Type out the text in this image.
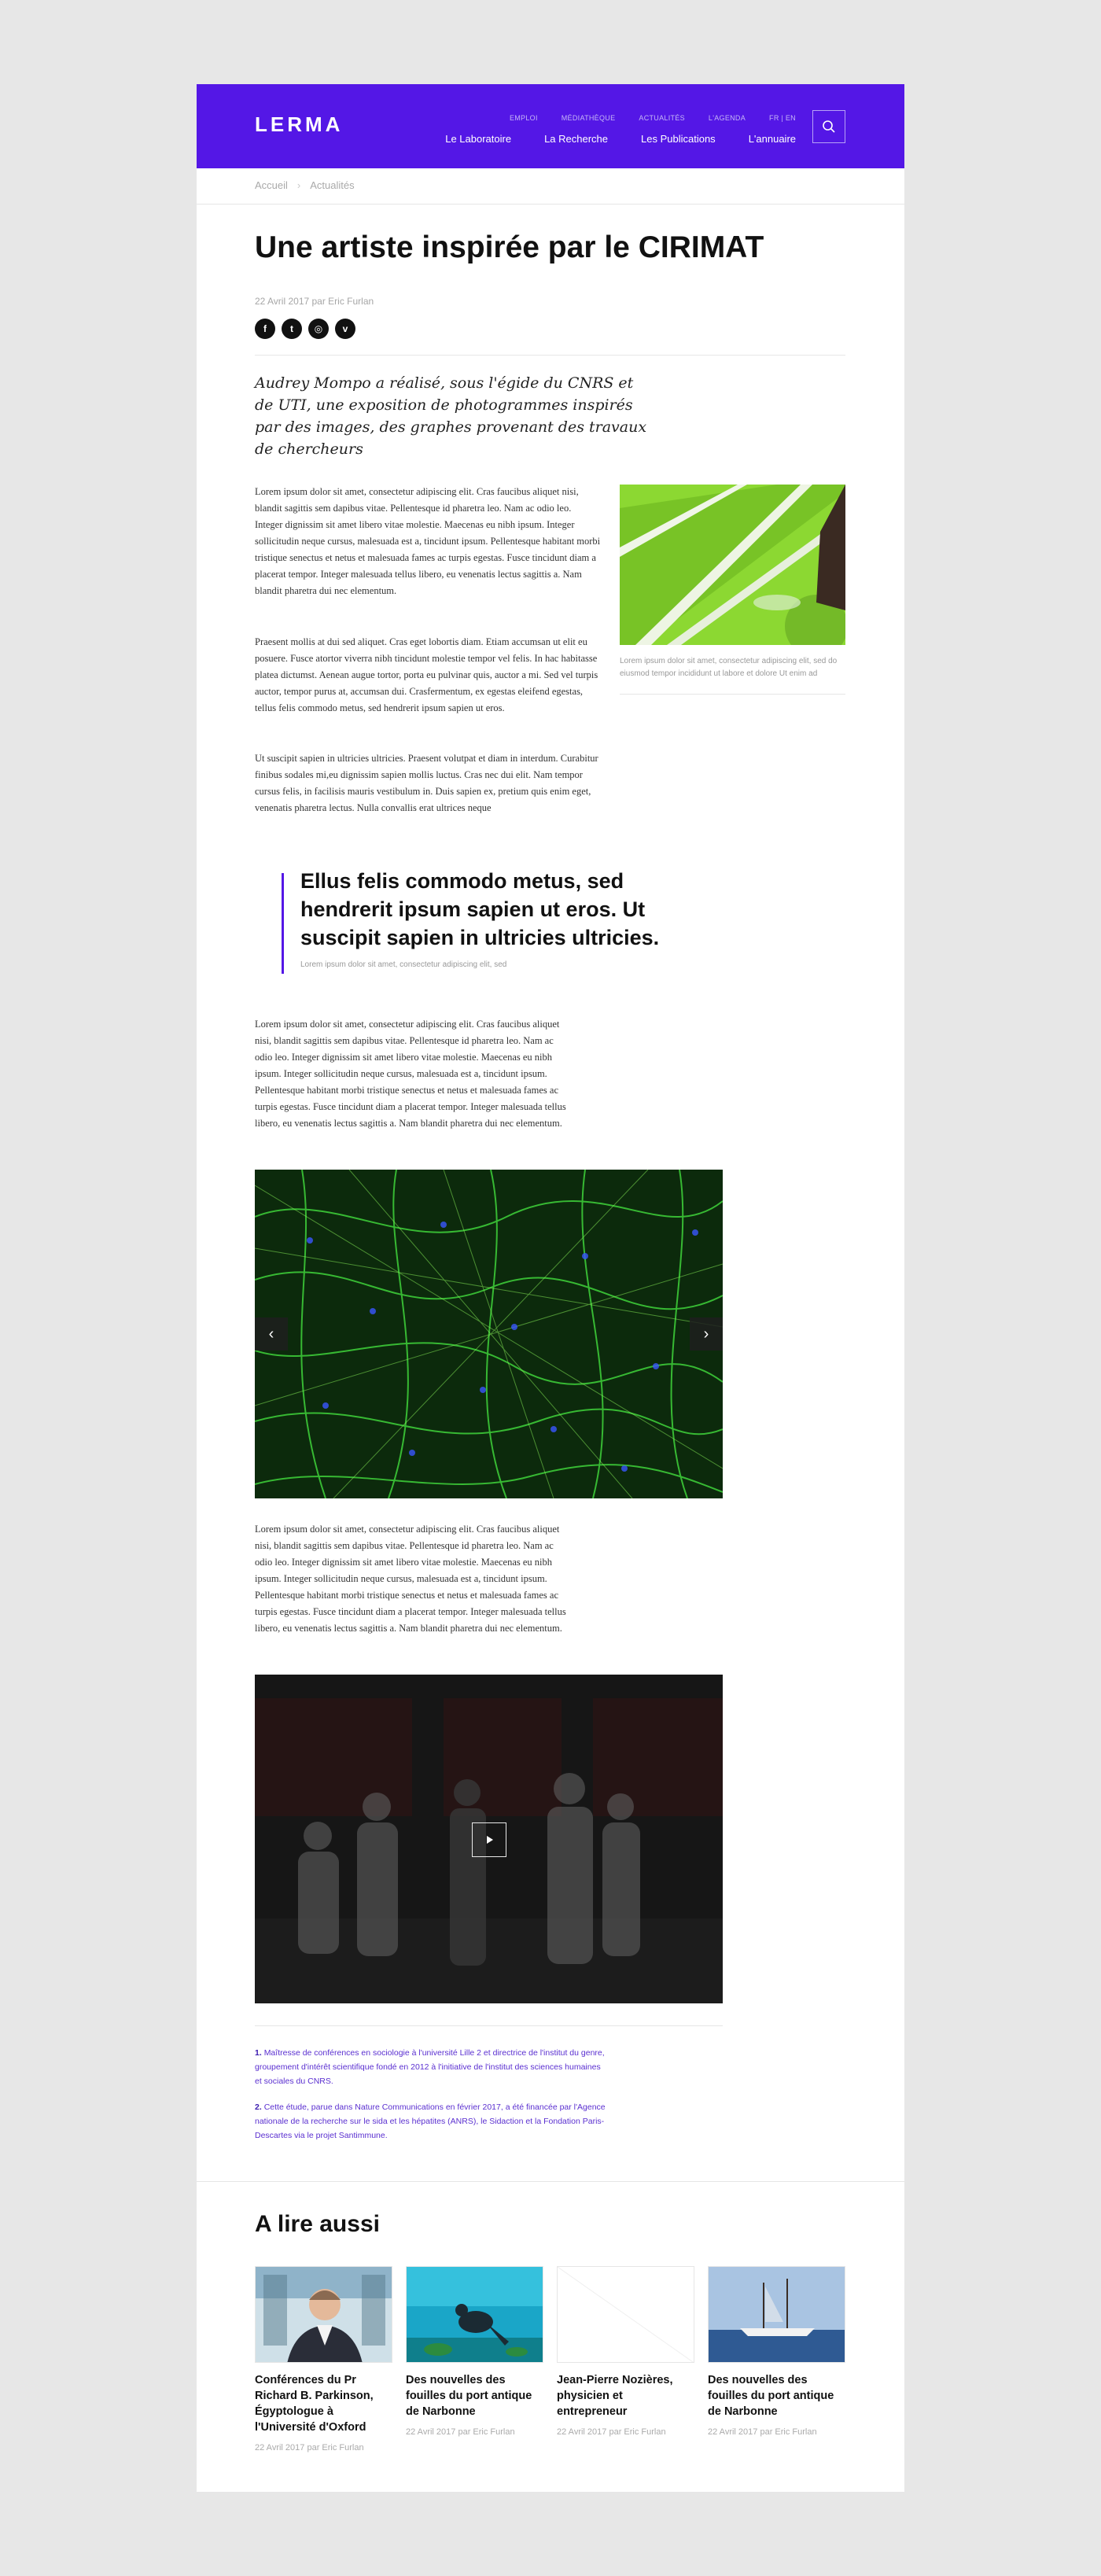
LERMA	EMPLOI	MÉDIATHÈQUE	ACTUALITÉS	L'AGENDA	FR | EN
Le Laboratoire	La Recherche	Les Publications	L'annuaire
Accueil › Actualités
Une artiste inspirée par le CIRIMAT
22 Avril 2017 par Eric Furlan
f	t	◎	v

Audrey Mompo a réalisé, sous l'égide du CNRS et de UTI, une exposition de photogrammes inspirés par des images, des graphes provenant des travaux de chercheurs

Lorem ipsum dolor sit amet, consectetur adipiscing elit. Cras faucibus aliquet nisi, blandit sagittis sem dapibus vitae. Pellentesque id pharetra leo. Nam ac odio leo. Integer dignissim sit amet libero vitae molestie. Maecenas eu nibh ipsum. Integer sollicitudin neque cursus, malesuada est a, tincidunt ipsum. Pellentesque habitant morbi tristique senectus et netus et malesuada fames ac turpis egestas. Fusce tincidunt diam a placerat tempor. Integer malesuada tellus libero, eu venenatis lectus sagittis a. Nam blandit pharetra dui nec elementum.

Praesent mollis at dui sed aliquet. Cras eget lobortis diam. Etiam accumsan ut elit eu posuere. Fusce atortor viverra nibh tincidunt molestie tempor vel felis. In hac habitasse platea dictumst. Aenean augue tortor, porta eu pulvinar quis, auctor a mi. Sed vel turpis auctor, tempor purus at, accumsan dui. Crasfermentum, ex egestas eleifend egestas, tellus felis commodo metus, sed hendrerit ipsum sapien ut eros.

Ut suscipit sapien in ultricies ultricies. Praesent volutpat et diam in interdum. Curabitur finibus sodales mi,eu dignissim sapien mollis luctus. Cras nec dui elit. Nam tempor cursus felis, in facilisis mauris vestibulum in. Duis sapien ex, pretium quis enim eget, venenatis pharetra lectus. Nulla convallis erat ultrices neque

Lorem ipsum dolor sit amet, consectetur adipiscing elit, sed do eiusmod tempor incididunt ut labore et dolore Ut enim ad

Ellus felis commodo metus, sed hendrerit ipsum sapien ut eros. Ut suscipit sapien in ultricies ultricies.

Lorem ipsum dolor sit amet, consectetur adipiscing elit, sed

Lorem ipsum dolor sit amet, consectetur adipiscing elit. Cras faucibus aliquet nisi, blandit sagittis sem dapibus vitae. Pellentesque id pharetra leo. Nam ac odio leo. Integer dignissim sit amet libero vitae molestie. Maecenas eu nibh ipsum. Integer sollicitudin neque cursus, malesuada est a, tincidunt ipsum. Pellentesque habitant morbi tristique senectus et netus et malesuada fames ac turpis egestas. Fusce tincidunt diam a placerat tempor. Integer malesuada tellus libero, eu venenatis lectus sagittis a. Nam blandit pharetra dui nec elementum.

‹	›

Lorem ipsum dolor sit amet, consectetur adipiscing elit. Cras faucibus aliquet nisi, blandit sagittis sem dapibus vitae. Pellentesque id pharetra leo. Nam ac odio leo. Integer dignissim sit amet libero vitae molestie. Maecenas eu nibh ipsum. Integer sollicitudin neque cursus, malesuada est a, tincidunt ipsum. Pellentesque habitant morbi tristique senectus et netus et malesuada fames ac turpis egestas. Fusce tincidunt diam a placerat tempor. Integer malesuada tellus libero, eu venenatis lectus sagittis a. Nam blandit pharetra dui nec elementum.

1. Maîtresse de conférences en sociologie à l'université Lille 2 et directrice de l'institut du genre, groupement d'intérêt scientifique fondé en 2012 à l'initiative de l'institut des sciences humaines et sociales du CNRS.

2. Cette étude, parue dans Nature Communications en février 2017, a été financée par l'Agence nationale de la recherche sur le sida et les hépatites (ANRS), le Sidaction et la Fondation Paris-Descartes via le projet Santimmune.

A lire aussi
Conférences du Pr Richard B. Parkinson, Égyptologue à l'Université d'Oxford
22 Avril 2017 par Eric Furlan
Des nouvelles des fouilles du port antique de Narbonne
22 Avril 2017 par Eric Furlan
Jean-Pierre Nozières, physicien et entrepreneur
22 Avril 2017 par Eric Furlan
Des nouvelles des fouilles du port antique de Narbonne
22 Avril 2017 par Eric Furlan
